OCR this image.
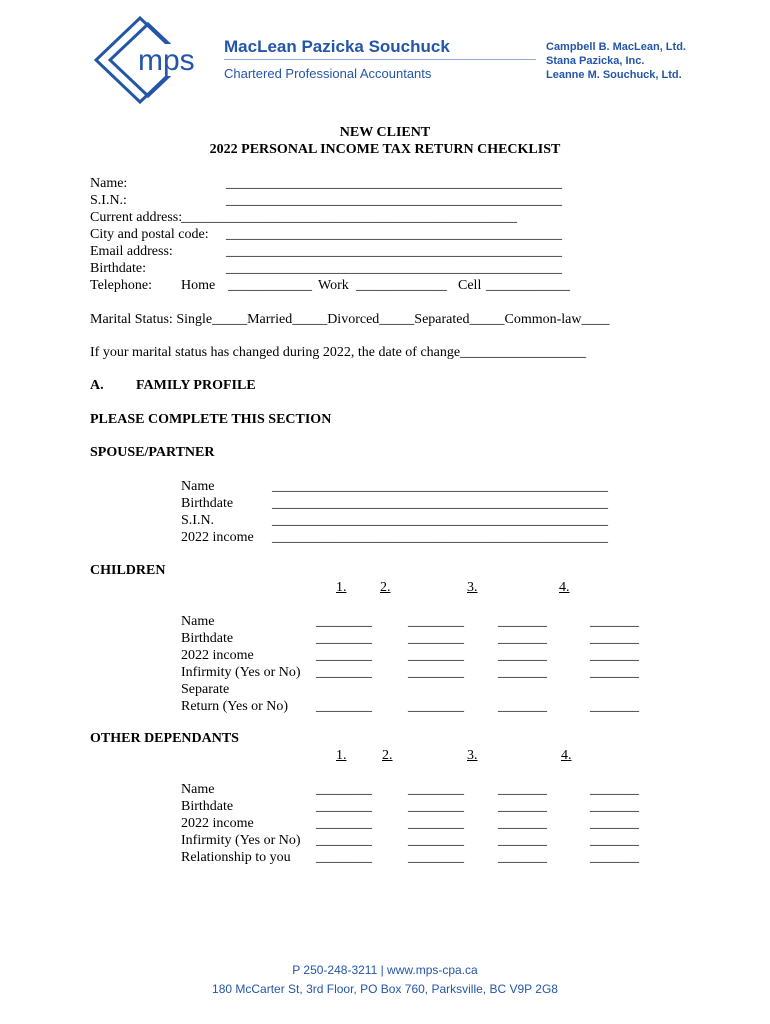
mps MacLean Pazicka Souchuck
Chartered Professional Accountants
Campbell B. MacLean, Ltd.
Stana Pazicka, Inc.
Leanne M. Souchuck, Ltd.
NEW CLIENT
2022 PERSONAL INCOME TAX RETURN CHECKLIST
Name:	________________________________________________
S.I.N.:	________________________________________________
Current address:
________________________________________________
City and postal code: ________________________________________________
Email address:	________________________________________________
Birthdate:	________________________________________________
Telephone: Home ____________ Work _____________ Cell ____________
Marital Status: Single_____Married_____Divorced_____Separated_____Common-law____
If your marital status has changed during 2022, the date of change__________________
A. FAMILY PROFILE
PLEASE COMPLETE THIS SECTION
SPOUSE/PARTNER
Name	________________________________________________
Birthdate	________________________________________________
S.I.N.	________________________________________________
2022 income ________________________________________________
CHILDREN
1. 2.	3.	4.
Name	________	________ _______	_______
Birthdate	________	________ _______	_______
2022 income	________	________ _______	_______
Infirmity (Yes or No) ________	________ _______	_______
Separate
Return (Yes or No) ________	________ _______	_______
OTHER DEPENDANTS
1.	2.	3.	4.
Name	________	________ _______	_______
Birthdate	________	________ _______	_______
2022 income	________	________ _______	_______
Infirmity (Yes or No) ________	________ _______	_______
Relationship to you ________	________ _______	_______
P 250-248-3211 | www.mps-cpa.ca
180 McCarter St, 3rd Floor, PO Box 760, Parksville, BC V9P 2G8
